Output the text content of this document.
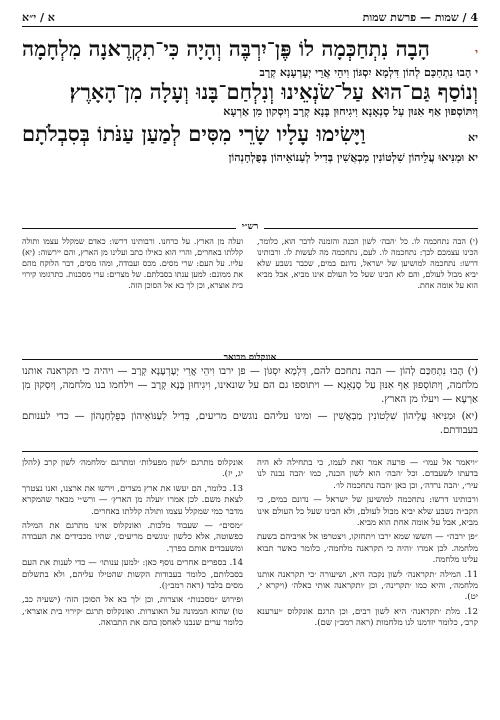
א / י״א	4 / שמות — פרשת שמות
י
הָבָה נִתְחַכְּמָה לוֹ פֶּן־יִרְבֶּה וְהָיָה כִּי־תִקְרֶאנָה מִלְחָמָה
י הָבוּ נִתְחַכַּם לְהוֹן דִּלְמָא יִסְגּוֹן וִיהֵי אֲרֵי יְעָרְעָנָא קְרָב
וְנוֹסַף גַּם־הוּא עַל־שֹׂנְאֵינוּ וְנִלְחַם־בָּנוּ וְעָלָה מִן־הָאָרֶץ׃
וְיִתּוֹסְפוּן אַף אִנּוּן עַל סָנְאָנָא וִיגִיחוּן בָּנָא קְרָב וְיִסְקוּן מִן אַרְעָא
יא
וַיָּשִׂימוּ עָלָיו שָׂרֵי מִסִּים לְמַעַן עַנֹּתוֹ בְּסִבְלֹתָם
יא וּמַנִּיאוּ עֲלֵיהוֹן שִׁלְטוֹנִין מַבְאֲשִׁין בְּדִיל לְעַנּוֹאֵיהוֹן בְּפֻלְחָנְהוֹן
רש״י
(י) הבה נתחכמה לו. כל ׳הבה׳ לשון הכנה והזמנה לדבר הוא, כלומר, הכינו עצמכם לכך: נתחכמה לו. לעם, נתחכמה מה לעשות לו. ורבותינו דרשו: נתחכמה למושיען של ישראל, נדונם במים, שכבר נשבע שלא יביא מבול לעולם, והם לא הבינו שעל כל העולם אינו מביא, אבל מביא הוא על אומה אחת.
ועלה מן הארץ. על כרחנו. ורבותינו דרשו: כאדם שמקלל עצמו ותולה קללתו באחרים, והרי הוא כאילו כתב ועלינו מן הארץ, והם יירשוה: (יא) עליו. על העם: שרי מסים. מכס ועבודה, ומהו מסים, דבר הלוקח מהם את ממונם: למען ענתו בסבלתם. של מצרים: ערי מסכנות. כתרגומו קירוי בית אוצרא, וכן לך בא אל הסוכן הזה.
אונקלוס מבואר

(י) הָבוּ נִתְחַכַּם לְהוֹן — הבה נתחכם להם, דִּלְמָא יִסְגּוֹן — פן ירבו וִיהֵי אֲרֵי יְעָרְעָנָא קְרָב — ויהיה כי תקראנה אותנו מלחמה, וְיִתּוֹסְפוּן אַף אִנּוּן עַל סָנְאָנָא — ויתוספו גם הם על שונאינו, וִיגִיחוּן בָּנָא קְרָב — וילחמו בנו מלחמה, וְיִסְקוּן מִן אַרְעָא — ויעלו מן הארץ.

(יא) וּמַנִּיאוּ עֲלֵיהוֹן שִׁלְטוֹנִין מַבְאֲשִׁין — ומינו עליהם נוגשים מריעים, בְּדִיל לְעַנּוֹאֵיהוֹן בְּפֻלְחָנְהוֹן — כדי לענותם בעבודתם.

״ויאמר אל עמו״ — פרעה אמר זאת לעמו, כי בתחילה לא היה בדעתו לשעבדם. וכל ׳הבה׳ הוא לשון הכנה, כמו ׳הבה נבנה לנו עיר׳, ׳הבה נרדה׳, וכן כאן ׳הבה נתחכמה לו׳.

ורבותינו דרשו: נתחכמה למושיען של ישראל — נדונם במים, כי הקב״ה נשבע שלא יביא מבול לעולם, ולא הבינו שעל כל העולם אינו מביא, אבל על אומה אחת הוא מביא.

״פן ירבה״ — חששו שמא ירבו ויתחזקו, ויצטרפו אל אויביהם בשעת מלחמה. לכן אמרו ׳והיה כי תקראנה מלחמה׳, כלומר כאשר תבוא עלינו מלחמה.

11. המילה ׳תקראנה׳ לשון נקבה היא, ושיעורה ׳כי תקראנה אותנו מלחמה׳, והיא כמו ׳תקרינה׳, וכן ׳ותקראנה אותי כאלה׳ (ויקרא י, יט).

12. מלת ׳תקראנה׳ היא לשון רבים, וכן תרגם אונקלוס ׳יערענא קרב׳, כלומר יזדמנו לנו מלחמות (ראה רמב״ן שם).

אונקלוס מתרגם ׳לשון מפעלות׳ ומתרגם ׳מלחמה׳ לשון קרב (להלן יג, יז).

13. כלומר, הם יעשו את ארץ מצרים, וירשו את ארצנו, ואנו נצטרך לצאת משם. לכן אמרו ׳ועלה מן הארץ׳ — ורש״י מבאר שהמקרא מדבר כמי שמקלל עצמו ותולה קללתו באחרים.

״מסים״ — שעבוד מלכות. ואונקלוס אינו מתרגם את המילה כפשוטה, אלא כלשון ׳נוגשים מריעים׳, שהיו מכבידים את העבודה ומשעבדים אותם בפרך.

14. בספרים אחרים נוסף כאן: ׳למען ענותו׳ — כדי לענות את העם בסבלותם, כלומר בעבודות הקשות שהטילו עליהם, ולא בתשלום מסים בלבד (ראה רמב״ן).

ופירוש ״מסכנות״ אוצרות, וכן ׳לך בא אל הסוכן הזה׳ (ישעיה כב, טו) שהוא הממונה על האוצרות. ואונקלוס תרגם ׳קירוי בית אוצרא׳, כלומר ערים שנבנו לאחסן בהם את התבואה.
